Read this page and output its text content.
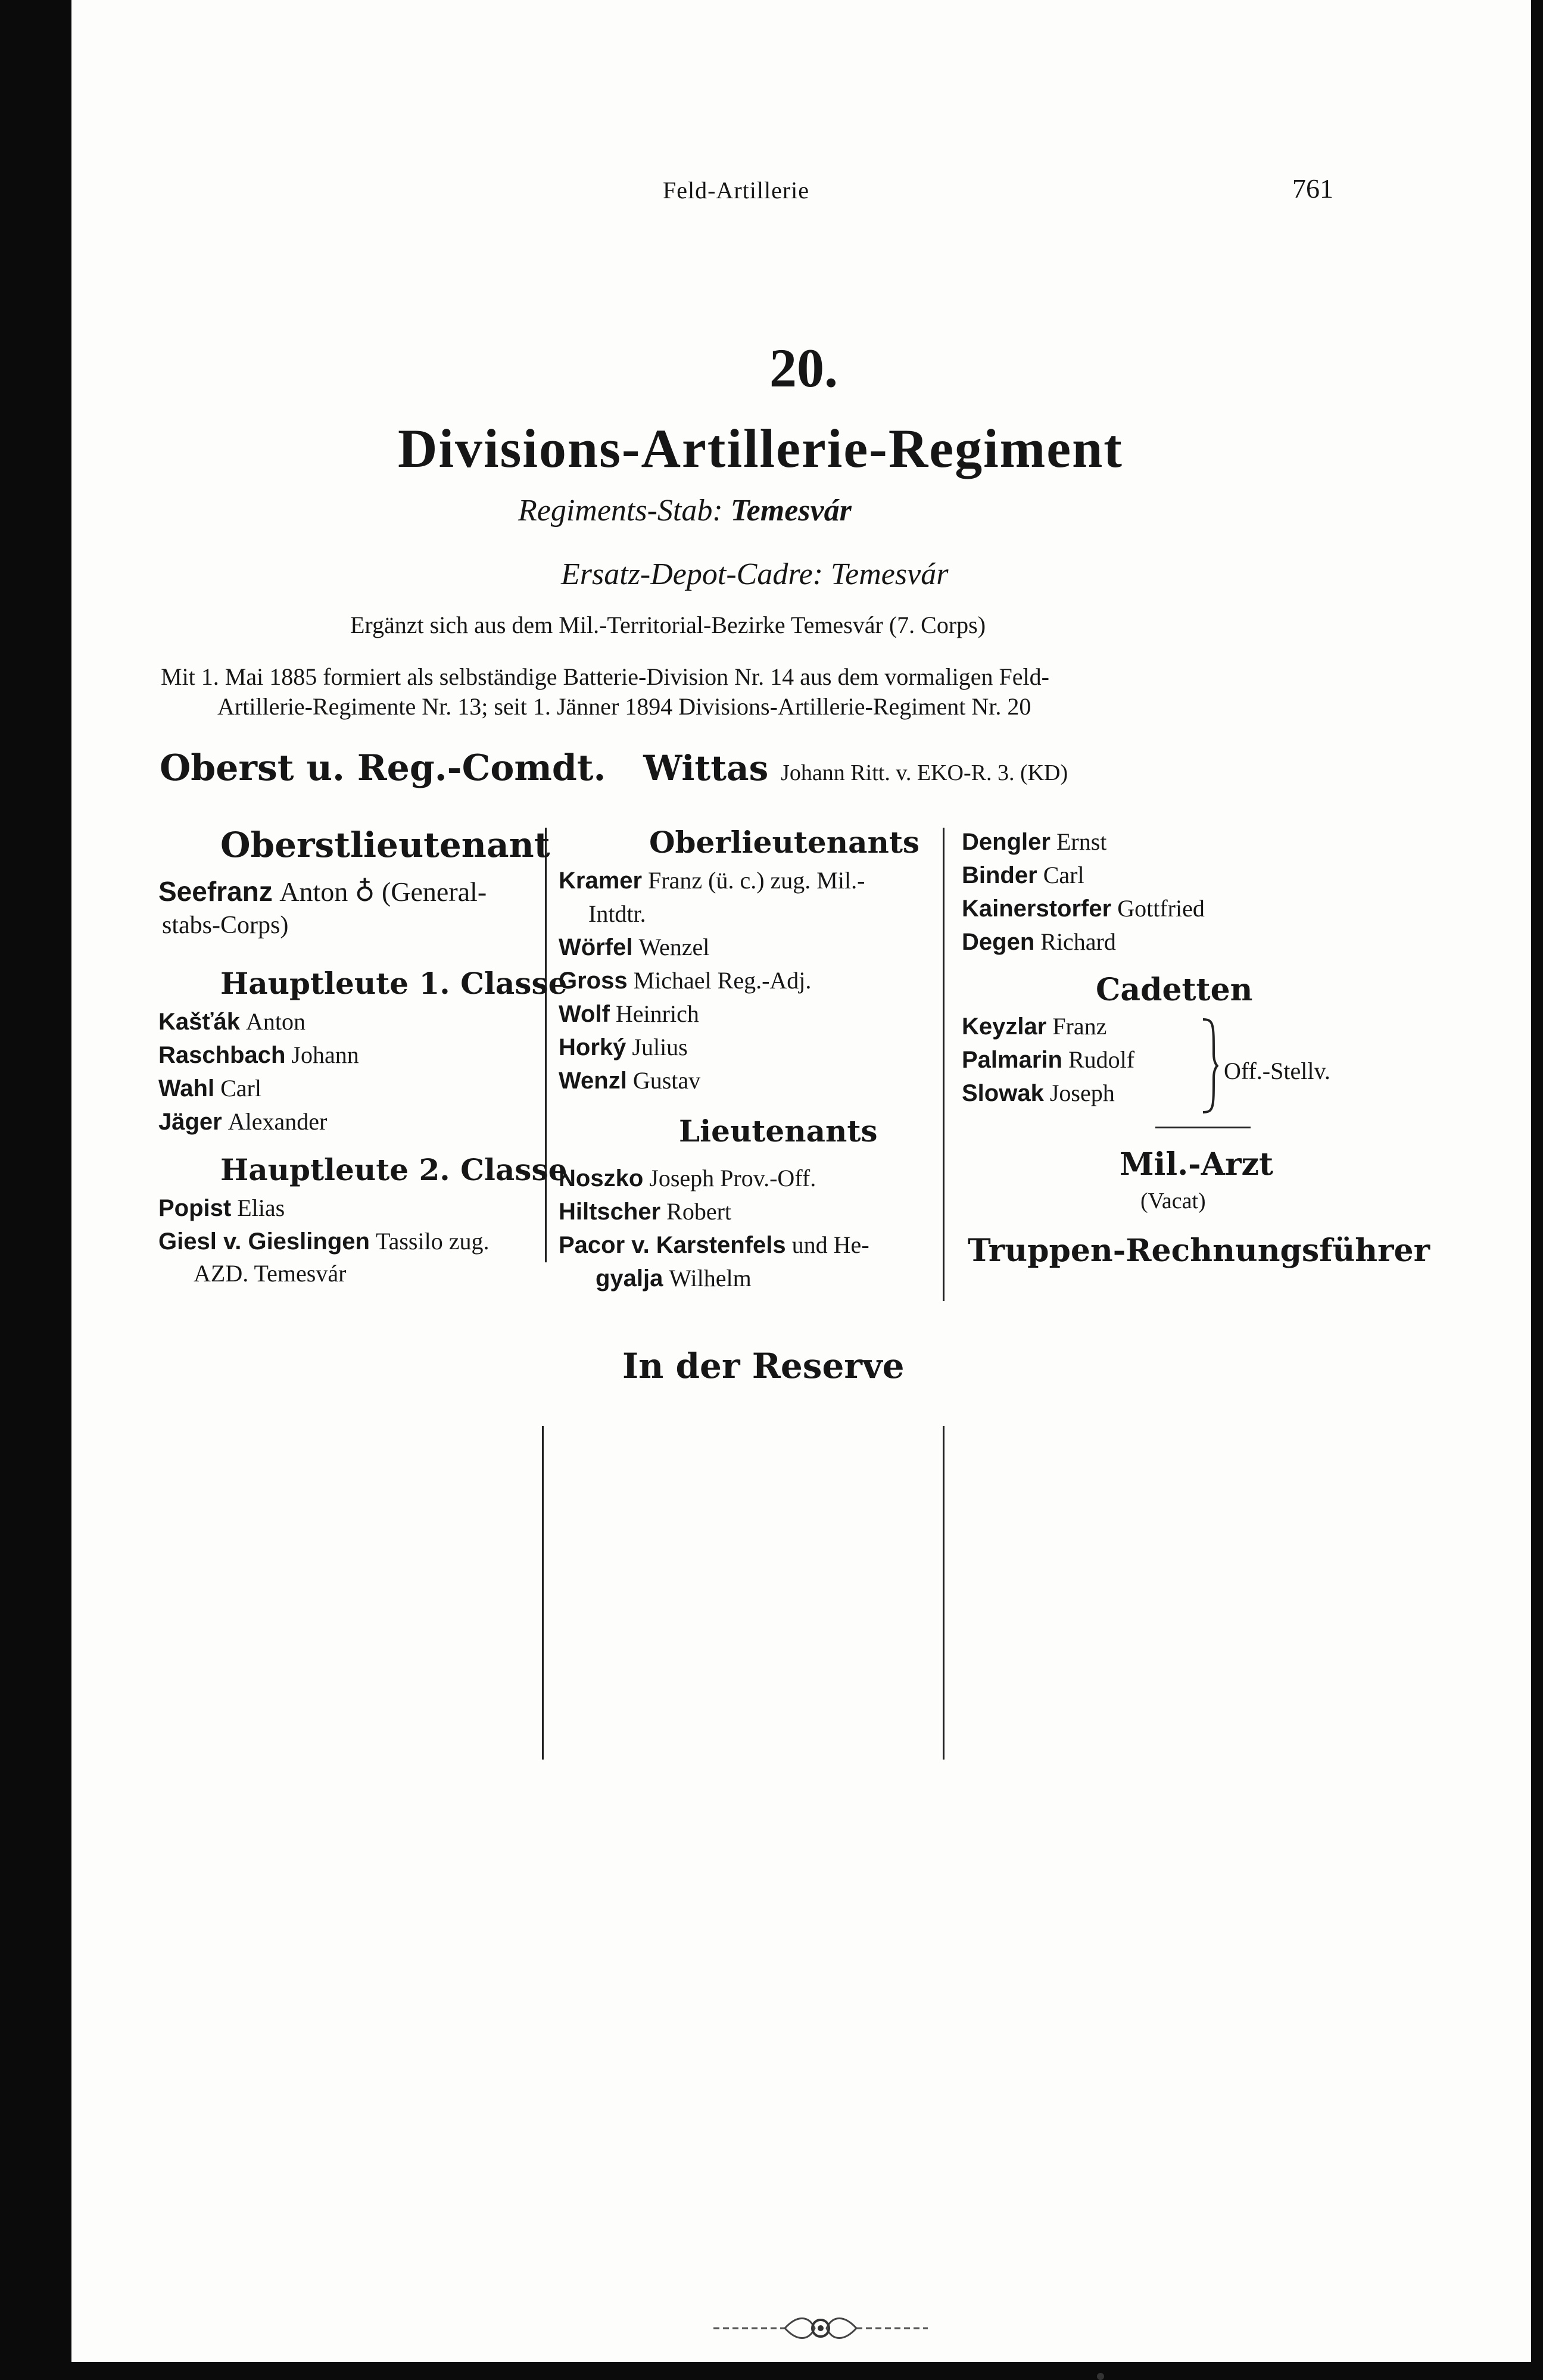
Feld-Artillerie	761
20.
Divisions-Artillerie-Regiment
Regiments-Stab: Temesvár
Ersatz-Depot-Cadre: Temesvár
Ergänzt sich aus dem Mil.-Territorial-Bezirke Temesvár (7. Corps)
Mit 1. Mai 1885 formiert als selbständige Batterie-Division Nr. 14 aus dem vormaligen Feld-
Artillerie-Regimente Nr. 13; seit 1. Jänner 1894 Divisions-Artillerie-Regiment Nr. 20
Oberst u. Reg.-Comdt. Wittas Johann Ritt. v. EKO-R. 3. (KD)
In der Reserve
Oberstlieutenant
Seefranz Anton ♁ (General-
stabs-Corps)
Hauptleute 1. Classe
Kašťák Anton
Raschbach Johann
Wahl Carl
Jäger Alexander
Hauptleute 2. Classe
Popist Elias
Giesl v. Gieslingen Tassilo zug.
AZD. Temesvár
Oberlieutenants
Kramer Franz (ü. c.) zug. Mil.-
Intdtr.
Wörfel Wenzel
Gross Michael Reg.-Adj.
Wolf Heinrich
Horký Julius
Wenzl Gustav
Lieutenants
Noszko Joseph Prov.-Off.
Hiltscher Robert
Pacor v. Karstenfels und He-
gyalja Wilhelm
Dengler Ernst
Binder Carl
Kainerstorfer Gottfried
Degen Richard
Cadetten
Keyzlar Franz
Palmarin Rudolf
Slowak Joseph
Off.-Stellv.
Mil.-Arzt
(Vacat)
Truppen-Rechnungsführer
